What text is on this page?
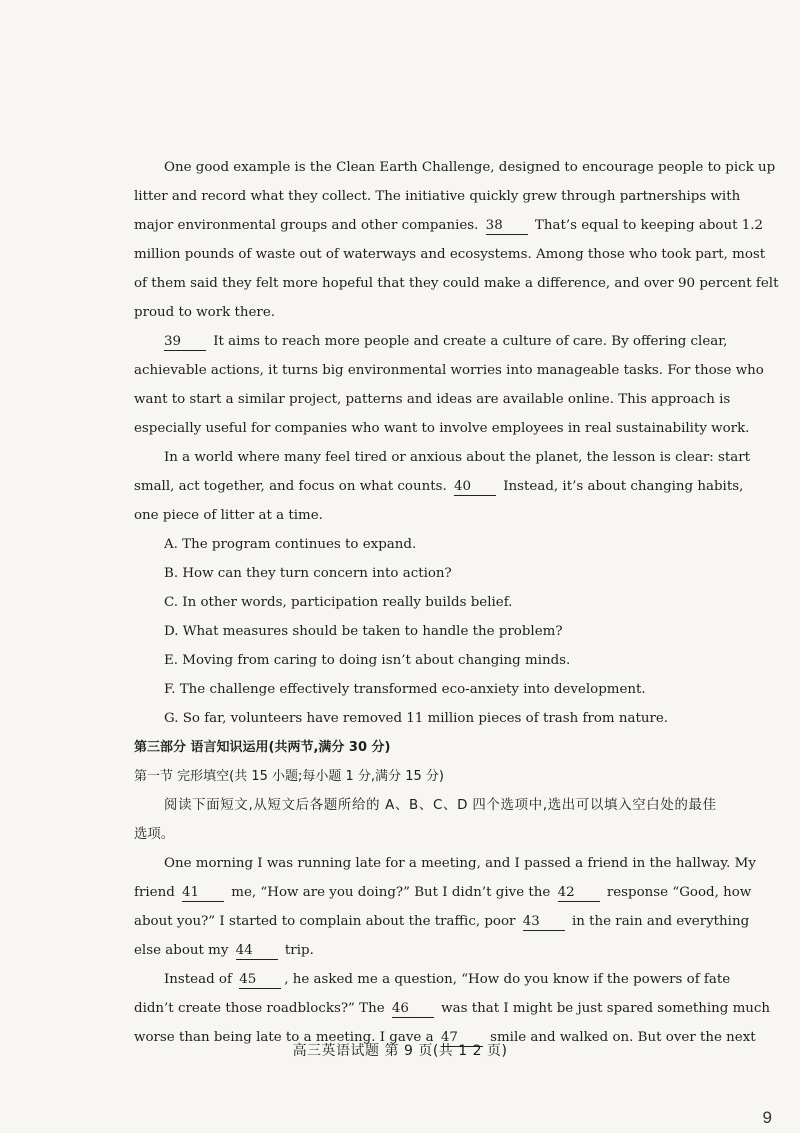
One good example is the Clean Earth Challenge, designed to encourage people to pick up
litter and record what they collect. The initiative quickly grew through partnerships with
major environmental groups and other companies. 38 That’s equal to keeping about 1.2
million pounds of waste out of waterways and ecosystems. Among those who took part, most
of them said they felt more hopeful that they could make a difference, and over 90 percent felt
proud to work there.
39 It aims to reach more people and create a culture of care. By offering clear,
achievable actions, it turns big environmental worries into manageable tasks. For those who
want to start a similar project, patterns and ideas are available online. This approach is
especially useful for companies who want to involve employees in real sustainability work.
In a world where many feel tired or anxious about the planet, the lesson is clear: start
small, act together, and focus on what counts. 40 Instead, it’s about changing habits,
one piece of litter at a time.
A. The program continues to expand.
B. How can they turn concern into action?
C. In other words, participation really builds belief.
D. What measures should be taken to handle the problem?
E. Moving from caring to doing isn’t about changing minds.
F. The challenge effectively transformed eco-anxiety into development.
G. So far, volunteers have removed 11 million pieces of trash from nature.
第三部分 语言知识运用(共两节,满分 30 分)
第一节 完形填空(共 15 小题;每小题 1 分,满分 15 分)
阅读下面短文,从短文后各题所给的 A、B、C、D 四个选项中,选出可以填入空白处的最佳
选项。
One morning I was running late for a meeting, and I passed a friend in the hallway. My
friend 41 me, “How are you doing?” But I didn’t give the 42 response “Good, how
about you?” I started to complain about the traffic, poor 43 in the rain and everything
else about my 44 trip.
Instead of 45 , he asked me a question, “How do you know if the powers of fate
didn’t create those roadblocks?” The 46 was that I might be just spared something much
worse than being late to a meeting. I gave a 47 smile and walked on. But over the next
高三英语试题 第 9 页(共 1 2 页)
9
